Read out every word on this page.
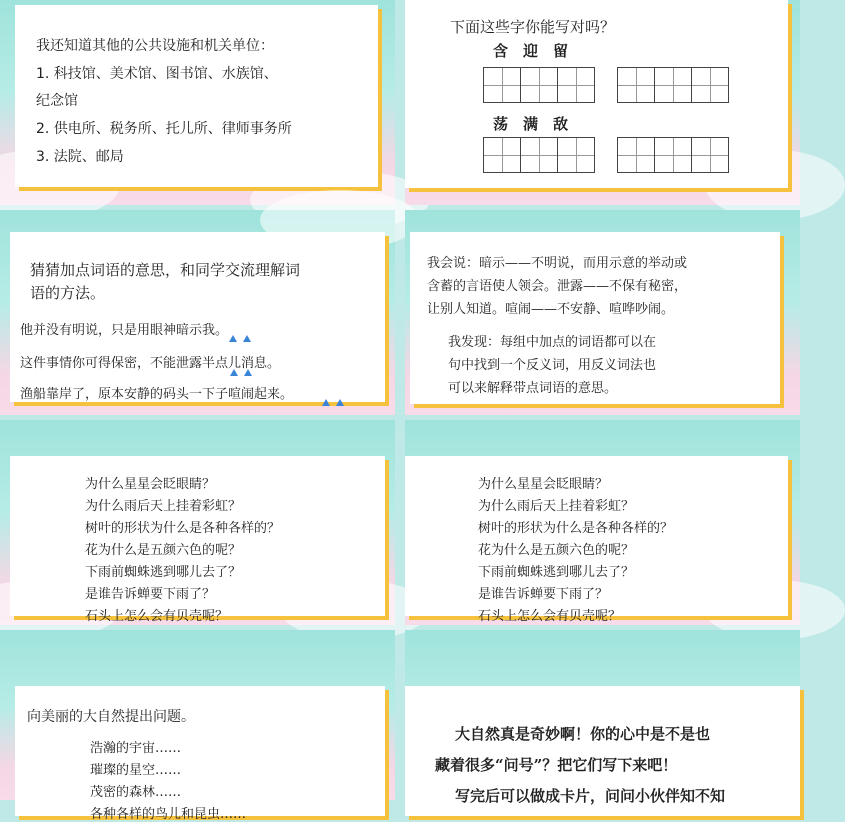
我还知道其他的公共设施和机关单位：
1. 科技馆、美术馆、图书馆、水族馆、
纪念馆
2. 供电所、税务所、托儿所、律师事务所
3. 法院、邮局
下面这些字你能写对吗？
含　迎　留
荡　满　敌
猜猜加点词语的意思，和同学交流理解词
语的方法。
他并没有明说，只是用眼神暗示我。
这件事情你可得保密，不能泄露半点儿消息。
渔船靠岸了，原本安静的码头一下子喧闹起来。
我会说：暗示——不明说，而用示意的举动或
含蓄的言语使人领会。泄露——不保有秘密，
让别人知道。喧闹——不安静、喧哗吵闹。
我发现：每组中加点的词语都可以在
句中找到一个反义词，用反义词法也
可以来解释带点词语的意思。
为什么星星会眨眼睛？
为什么雨后天上挂着彩虹？
树叶的形状为什么是各种各样的？
花为什么是五颜六色的呢？
下雨前蜘蛛逃到哪儿去了？
是谁告诉蝉要下雨了？
石头上怎么会有贝壳呢？
为什么星星会眨眼睛？
为什么雨后天上挂着彩虹？
树叶的形状为什么是各种各样的？
花为什么是五颜六色的呢？
下雨前蜘蛛逃到哪儿去了？
是谁告诉蝉要下雨了？
石头上怎么会有贝壳呢？
向美丽的大自然提出问题。
浩瀚的宇宙……
璀璨的星空……
茂密的森林……
各种各样的鸟儿和昆虫……
大自然真是奇妙啊！你的心中是不是也
藏着很多“问号”？把它们写下来吧！
写完后可以做成卡片，问问小伙伴知不知
